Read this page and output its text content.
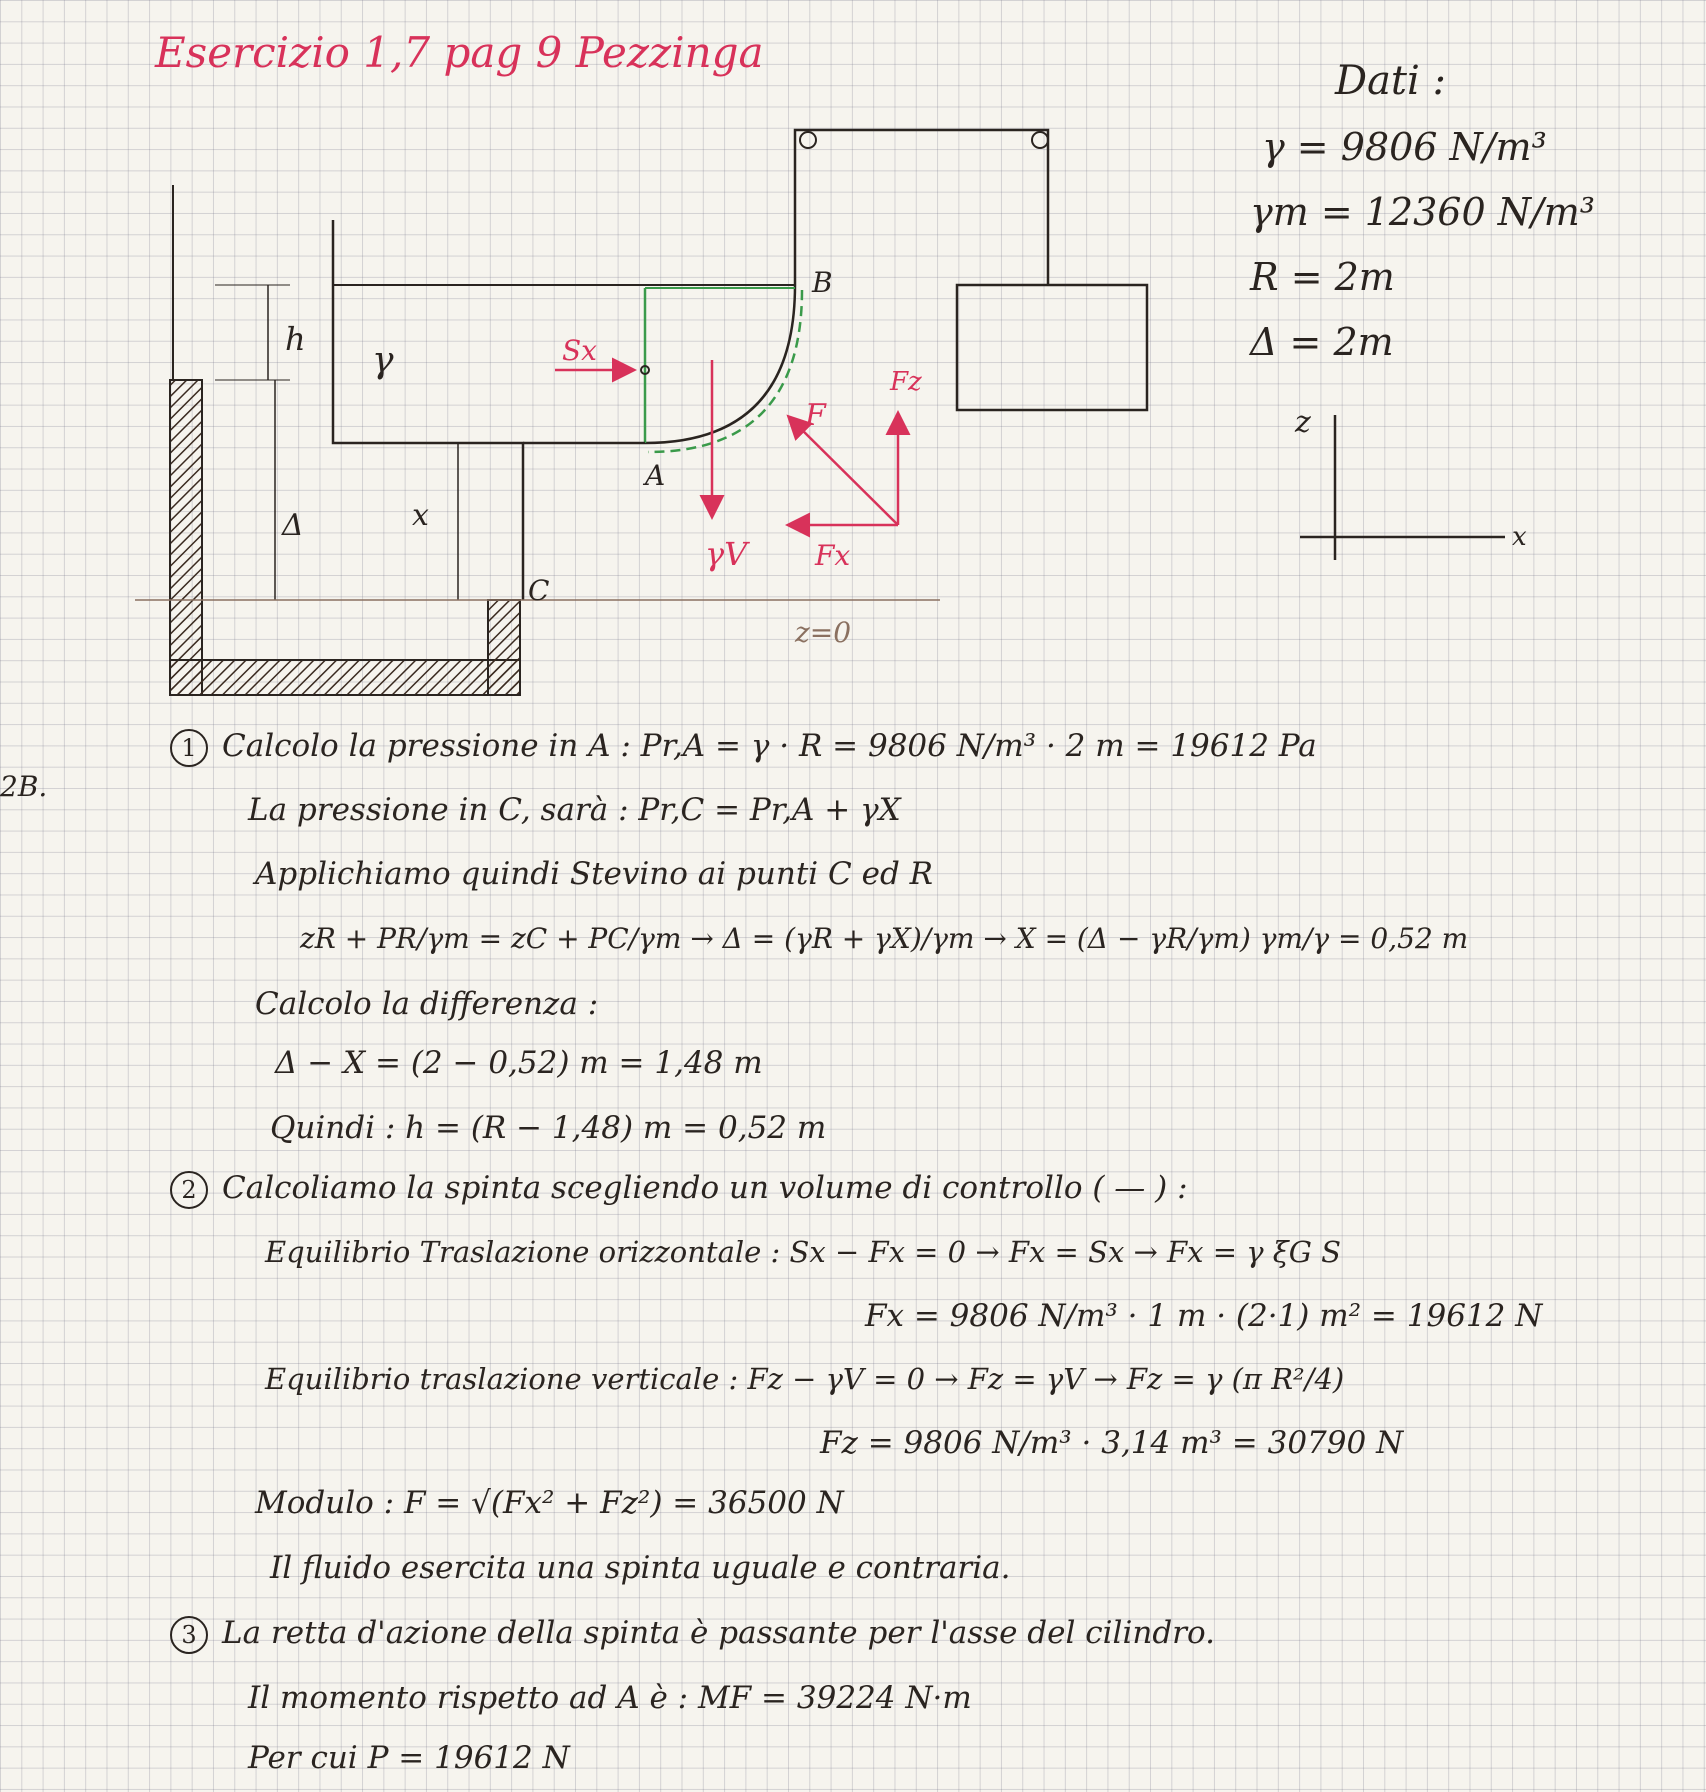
Esercizio 1,7 pag 9 Pezzinga
2B.
Dati :
γ = 9806 N/m³
γm = 12360 N/m³
R = 2m
Δ = 2m
B
A
C
h
γ
Δ	x
Sx
F
Fz
Fx
γV
z=0
z
x
1 Calcolo la pressione in A : Pr,A = γ · R = 9806 N/m³ · 2 m = 19612 Pa
La pressione in C, sarà : Pr,C = Pr,A + γX
Applichiamo quindi Stevino ai punti C ed R
zR + PR/γm = zC + PC/γm → Δ = (γR + γX)/γm → X = (Δ − γR/γm) γm/γ = 0,52 m
Calcolo la differenza :
Δ − X = (2 − 0,52) m = 1,48 m
Quindi : h = (R − 1,48) m = 0,52 m
2 Calcoliamo la spinta scegliendo un volume di controllo ( — ) :
Equilibrio Traslazione orizzontale : Sx − Fx = 0 → Fx = Sx → Fx = γ ξG S
Fx = 9806 N/m³ · 1 m · (2·1) m² = 19612 N
Equilibrio traslazione verticale : Fz − γV = 0 → Fz = γV → Fz = γ (π R²/4)
Fz = 9806 N/m³ · 3,14 m³ = 30790 N
Modulo : F = √(Fx² + Fz²) = 36500 N
Il fluido esercita una spinta uguale e contraria.
3 La retta d'azione della spinta è passante per l'asse del cilindro.
Il momento rispetto ad A è : MF = 39224 N·m
Per cui P = 19612 N
